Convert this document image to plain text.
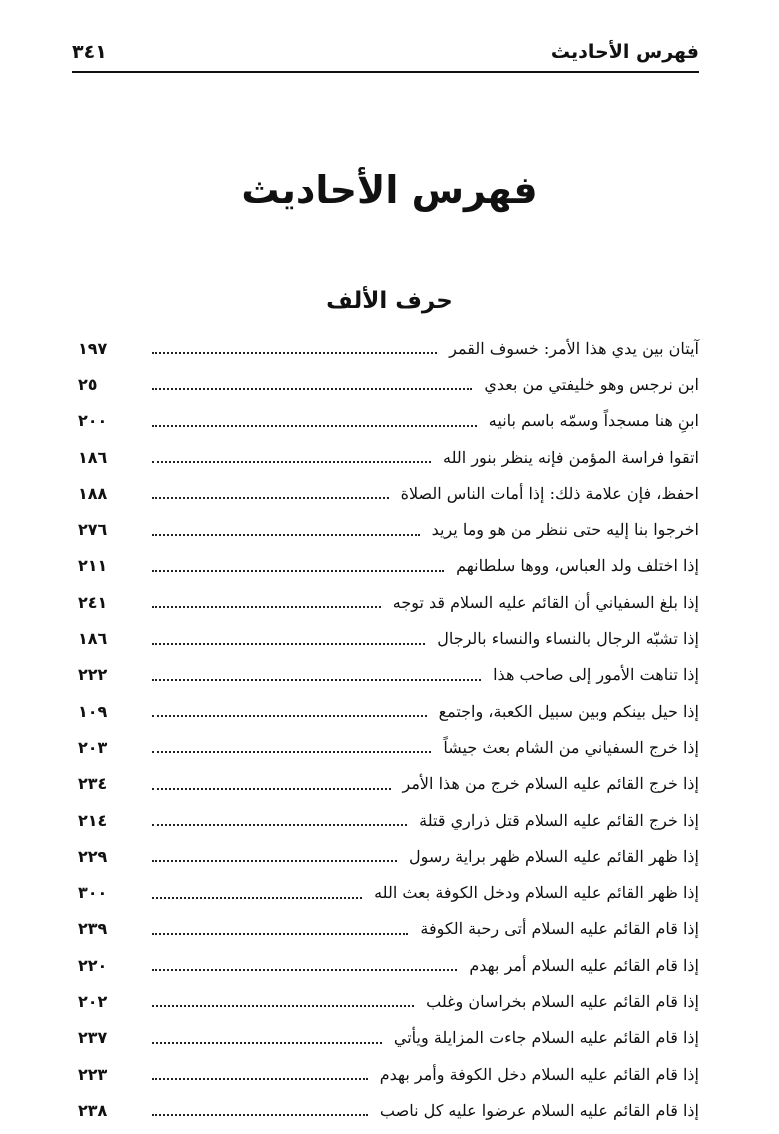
فهرس الأحاديث
٣٤١
فهرس الأحاديث
حرف الألف
آيتان بين يدي هذا الأمر: خسوف القمر
١٩٧
ابن نرجس وهو خليفتي من بعدي
٢٥
ابنِ هنا مسجداً وسمّه باسم بانيه
٢٠٠
اتقوا فراسة المؤمن فإنه ينظر بنور الله
١٨٦
احفظ، فإن علامة ذلك: إذا أمات الناس الصلاة
١٨٨
اخرجوا بنا إليه حتى ننظر من هو وما يريد
٢٧٦
إذا اختلف ولد العباس، ووها سلطانهم
٢١١
إذا بلغ السفياني أن القائم عليه السلام قد توجه
٢٤١
إذا تشبّه الرجال بالنساء والنساء بالرجال
١٨٦
إذا تناهت الأمور إلى صاحب هذا
٢٢٢
إذا حيل بينكم وبين سبيل الكعبة، واجتمع
١٠٩
إذا خرج السفياني من الشام بعث جيشاً
٢٠٣
إذا خرج القائم عليه السلام خرج من هذا الأمر
٢٣٤
إذا خرج القائم عليه السلام قتل ذراري قتلة
٢١٤
إذا ظهر القائم عليه السلام ظهر براية رسول
٢٢٩
إذا ظهر القائم عليه السلام ودخل الكوفة بعث الله
٣٠٠
إذا قام القائم عليه السلام أتى رحبة الكوفة
٢٣٩
إذا قام القائم عليه السلام أمر بهدم
٢٢٠
إذا قام القائم عليه السلام بخراسان وغلب
٢٠٢
إذا قام القائم عليه السلام جاءت المزايلة ويأتي
٢٣٧
إذا قام القائم عليه السلام دخل الكوفة وأمر بهدم
٢٢٣
إذا قام القائم عليه السلام عرضوا عليه كل ناصب
٢٣٨
